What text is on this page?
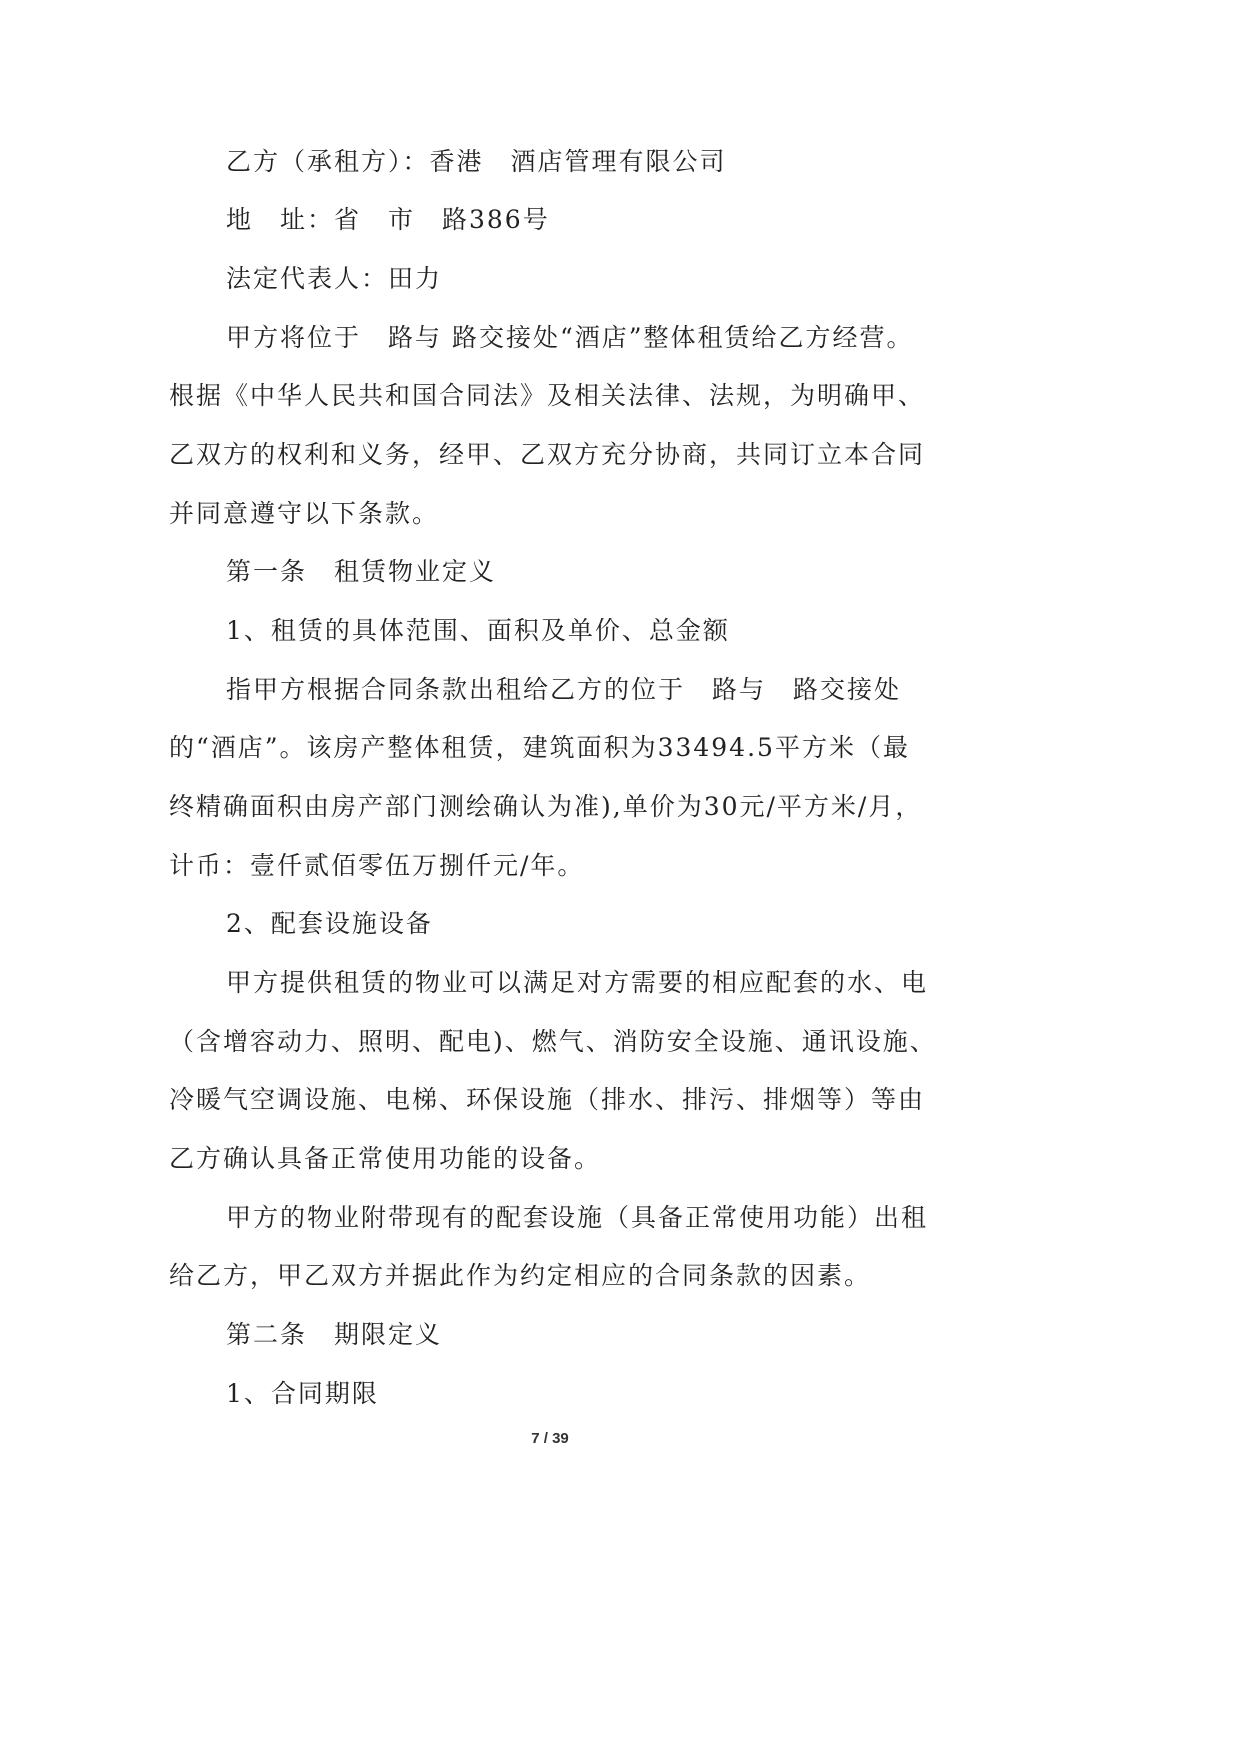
乙方（承租方）：香港　酒店管理有限公司
地　址：省　市　路386号
法定代表人：田力
甲方将位于　路与 路交接处“酒店”整体租赁给乙方经营。
根据《中华人民共和国合同法》及相关法律、法规，为明确甲、
乙双方的权利和义务，经甲、乙双方充分协商，共同订立本合同
并同意遵守以下条款。
第一条　租赁物业定义
1、租赁的具体范围、面积及单价、总金额
指甲方根据合同条款出租给乙方的位于　路与　路交接处
的“酒店”。该房产整体租赁，建筑面积为33494.5平方米（最
终精确面积由房产部门测绘确认为准),单价为30元/平方米/月，
计币：壹仟贰佰零伍万捌仟元/年。
2、配套设施设备
甲方提供租赁的物业可以满足对方需要的相应配套的水、电
（含增容动力、照明、配电)、燃气、消防安全设施、通讯设施、
冷暖气空调设施、电梯、环保设施（排水、排污、排烟等）等由
乙方确认具备正常使用功能的设备。
甲方的物业附带现有的配套设施（具备正常使用功能）出租
给乙方，甲乙双方并据此作为约定相应的合同条款的因素。
第二条　期限定义
1、合同期限
7 / 39
